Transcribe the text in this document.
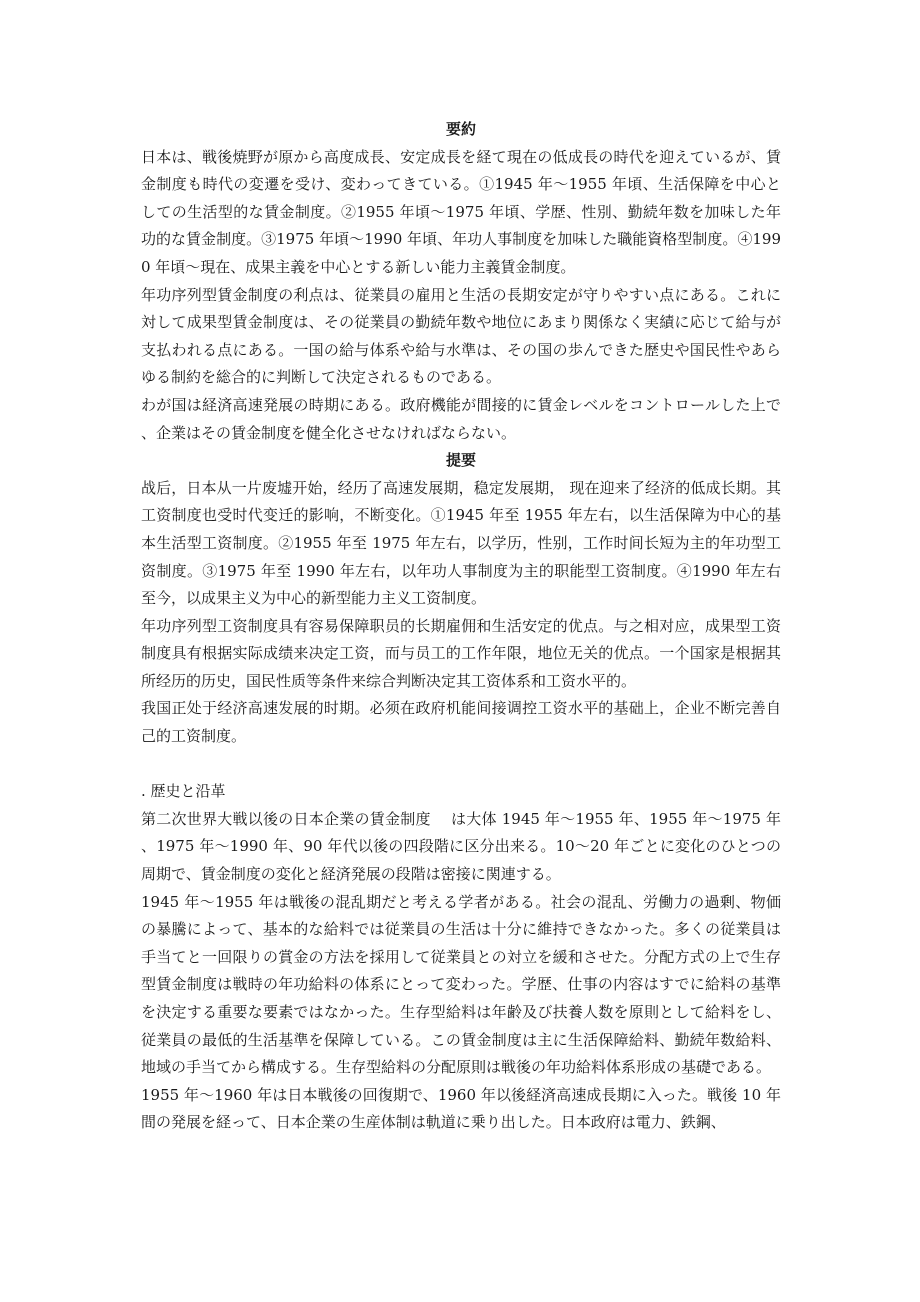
要約

日本は、戦後焼野が原から高度成長、安定成長を経て現在の低成長の時代を迎えているが、賃金制度も時代の変遷を受け、変わってきている。①1945 年～1955 年頃、生活保障を中心としての生活型的な賃金制度。②1955 年頃～1975 年頃、学歴、性別、勤続年数を加味した年功的な賃金制度。③1975 年頃～1990 年頃、年功人事制度を加味した職能資格型制度。④1990 年頃～現在、成果主義を中心とする新しい能力主義賃金制度。

年功序列型賃金制度の利点は、従業員の雇用と生活の長期安定が守りやすい点にある。これに対して成果型賃金制度は、その従業員の勤続年数や地位にあまり関係なく実績に応じて給与が支払われる点にある。一国の給与体系や給与水準は、その国の歩んできた歴史や国民性やあらゆる制約を総合的に判断して決定されるものである。

わが国は経済高速発展の時期にある。政府機能が間接的に賃金レベルをコントロールした上で、企業はその賃金制度を健全化させなければならない。

提要

战后，日本从一片废墟开始，经历了高速发展期，稳定发展期， 现在迎来了经济的低成长期。其工资制度也受时代变迁的影响，不断变化。①1945 年至 1955 年左右，以生活保障为中心的基本生活型工资制度。②1955 年至 1975 年左右，以学历，性别，工作时间长短为主的年功型工资制度。③1975 年至 1990 年左右，以年功人事制度为主的职能型工资制度。④1990 年左右至今，以成果主义为中心的新型能力主义工资制度。

年功序列型工资制度具有容易保障职员的长期雇佣和生活安定的优点。与之相对应，成果型工资制度具有根据实际成绩来决定工资，而与员工的工作年限，地位无关的优点。一个国家是根据其所经历的历史，国民性质等条件来综合判断决定其工资体系和工资水平的。

我国正处于经济高速发展的时期。必须在政府机能间接调控工资水平的基础上，企业不断完善自己的工资制度。

. 歴史と沿革

第二次世界大戦以後の日本企業の賃金制度　 は大体 1945 年～1955 年、1955 年～1975 年、1975 年～1990 年、90 年代以後の四段階に区分出来る。10～20 年ごとに変化のひとつの周期で、賃金制度の変化と経済発展の段階は密接に関連する。

1945 年～1955 年は戦後の混乱期だと考える学者がある。社会の混乱、労働力の過剰、物価の暴騰によって、基本的な給料では従業員の生活は十分に維持できなかった。多くの従業員は手当てと一回限りの賞金の方法を採用して従業員との対立を緩和させた。分配方式の上で生存型賃金制度は戦時の年功給料の体系にとって変わった。学歴、仕事の内容はすでに給料の基準を決定する重要な要素ではなかった。生存型給料は年齢及び扶養人数を原則として給料をし、従業員の最低的生活基準を保障している。この賃金制度は主に生活保障給料、勤続年数給料、地域の手当てから構成する。生存型給料の分配原則は戦後の年功給料体系形成の基礎である。

1955 年～1960 年は日本戦後の回復期で、1960 年以後経済高速成長期に入った。戦後 10 年間の発展を経って、日本企業の生産体制は軌道に乗り出した。日本政府は電力、鉄鋼、
